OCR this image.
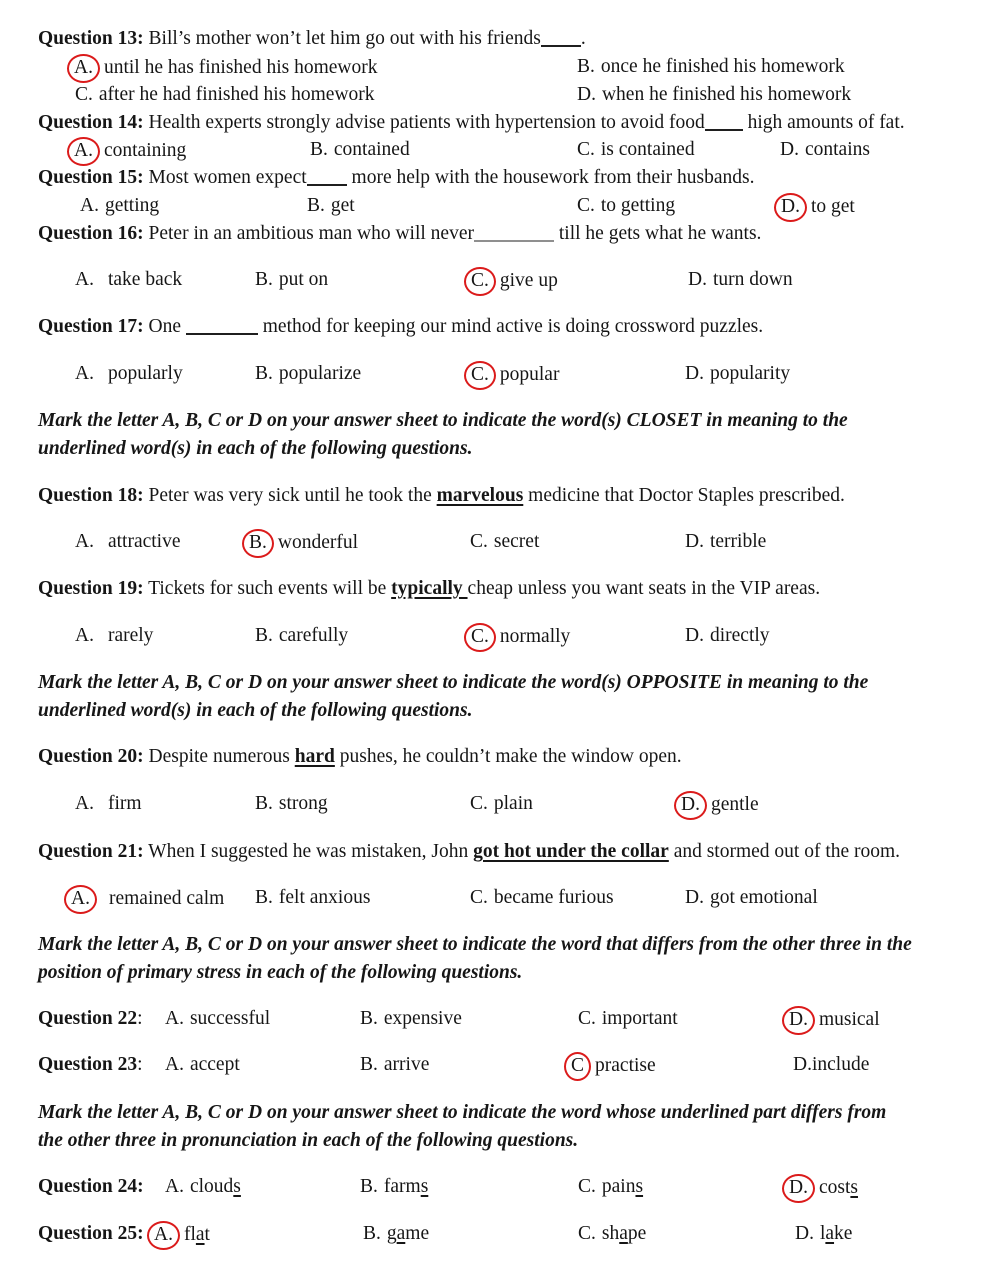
Question 13: Bill’s mother won’t let him go out with his friends .
A. until he has finished his homework	B. once he finished his homework
C. after he had finished his homework	D. when he finished his homework
Question 14: Health experts strongly advise patients with hypertension to avoid food high amounts of fat.
A. containing	B. contained	C. is contained	D. contains
Question 15: Most women expect more help with the housework from their husbands.
A. getting	B. get	C. to getting	D. to get
Question 16: Peter in an ambitious man who will never	till he gets what he wants.
A. take back	B. put on	C. give up	D. turn down
Question 17: One	method for keeping our mind active is doing crossword puzzles.
A. popularly	B. popularize	C. popular	D. popularity
Mark the letter A, B, C or D on your answer sheet to indicate the word(s) CLOSET in meaning to the
underlined word(s) in each of the following questions.
Question 18: Peter was very sick until he took the marvelous medicine that Doctor Staples prescribed.
A. attractive	B. wonderful	C. secret	D. terrible
Question 19: Tickets for such events will be typically cheap unless you want seats in the VIP areas.
A. rarely	B. carefully	C. normally	D. directly
Mark the letter A, B, C or D on your answer sheet to indicate the word(s) OPPOSITE in meaning to the
underlined word(s) in each of the following questions.
Question 20: Despite numerous hard pushes, he couldn’t make the window open.
A. firm	B. strong	C. plain	D. gentle
Question 21: When I suggested he was mistaken, John got hot under the collar and stormed out of the room.
A. remained calm B. felt anxious	C. became furious	D. got emotional
Mark the letter A, B, C or D on your answer sheet to indicate the word that differs from the other three in the
position of primary stress in each of the following questions.
Question 22: A. successful	B. expensive	C. important	D. musical
Question 23: A. accept	B. arrive	C practise	D.include
Mark the letter A, B, C or D on your answer sheet to indicate the word whose underlined part differs from
the other three in pronunciation in each of the following questions.
Question 24: A. clouds	B. farms	C. pains	D. costs
Question 25: A. flat	B. game	C. shape	D. lake
